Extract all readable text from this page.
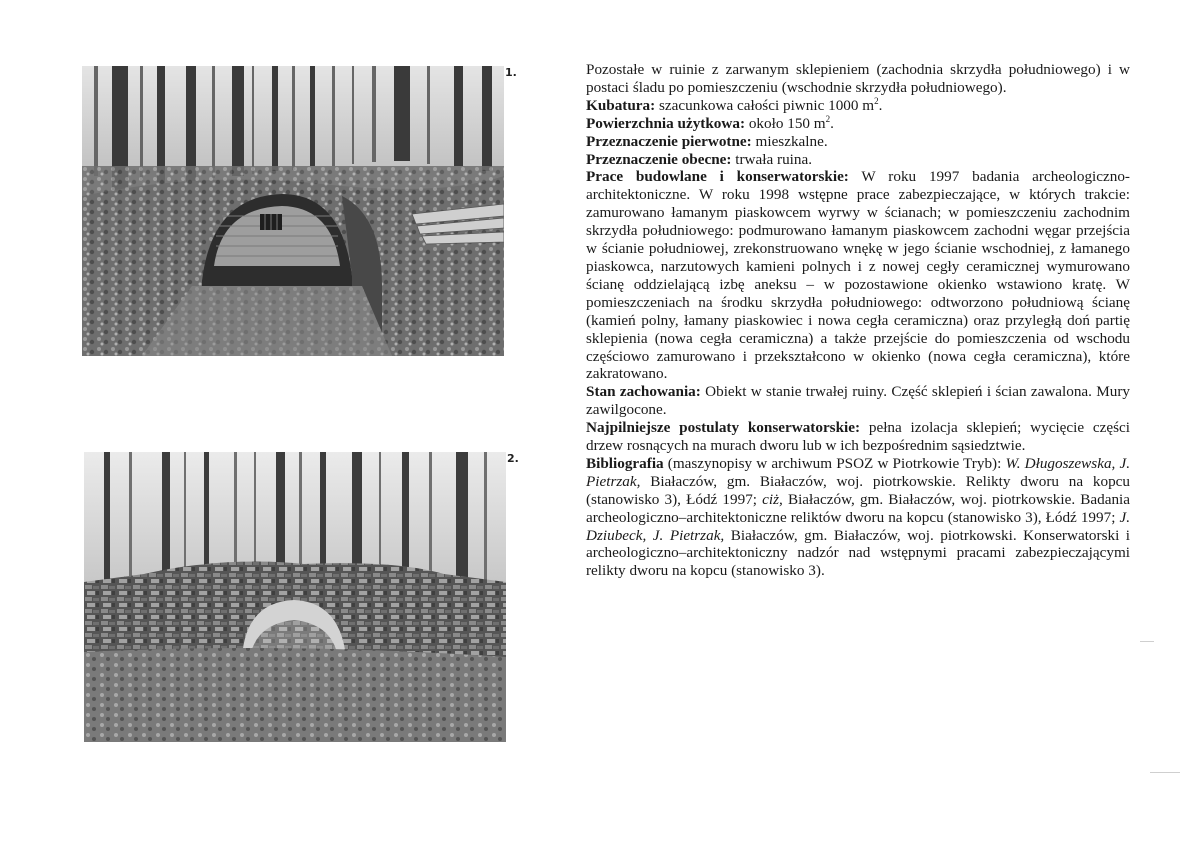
1.
2.

Pozostałe w ruinie z zarwanym sklepieniem (zachodnia skrzydła południowego) i w postaci śladu po pomieszczeniu (wschodnie skrzydła południowego).

Kubatura: szacunkowa całości piwnic 1000 $m^2$.

Powierzchnia użytkowa: około 150 $m^2$.

Przeznaczenie pierwotne: mieszkalne.

Przeznaczenie obecne: trwała ruina.

Prace budowlane i konserwatorskie: W roku 1997 badania archeologiczno-architektoniczne. W roku 1998 wstępne prace zabezpieczające, w których trakcie: zamurowano łamanym piaskowcem wyrwy w ścianach; w pomieszczeniu zachodnim skrzydła południowego: podmurowano łamanym piaskowcem zachodni węgar przejścia w ścianie południowej, zrekonstruowano wnękę w jego ścianie wschodniej, z łamanego piaskowca, narzutowych kamieni polnych i z nowej cegły ceramicznej wymurowano ścianę oddzielającą izbę aneksu – w pozostawione okienko wstawiono kratę. W pomieszczeniach na środku skrzydła południowego: odtworzono południową ścianę (kamień polny, łamany piaskowiec i nowa cegła ceramiczna) oraz przyległą doń partię sklepienia (nowa cegła ceramiczna) a także przejście do pomieszczenia od wschodu częściowo zamurowano i przekształcono w okienko (nowa cegła ceramiczna), które zakratowano.

Stan zachowania: Obiekt w stanie trwałej ruiny. Część sklepień i ścian zawalona. Mury zawilgocone.

Najpilniejsze postulaty konserwatorskie: pełna izolacja sklepień; wycięcie części drzew rosnących na murach dworu lub w ich bezpośrednim sąsiedztwie.

Bibliografia (maszynopisy w archiwum PSOZ w Piotrkowie Tryb): W. Długoszewska, J. Pietrzak, Białaczów, gm. Białaczów, woj. piotrkowskie. Relikty dworu na kopcu (stanowisko 3), Łódź 1997; ciż, Białaczów, gm. Białaczów, woj. piotrkowskie. Badania archeologiczno–architektoniczne reliktów dworu na kopcu (stanowisko 3), Łódź 1997; J. Dziubeck, J. Pietrzak, Białaczów, gm. Białaczów, woj. piotrkowski. Konserwatorski i archeologiczno–architektoniczny nadzór nad wstępnymi pracami zabezpieczającymi relikty dworu na kopcu (stanowisko 3).
